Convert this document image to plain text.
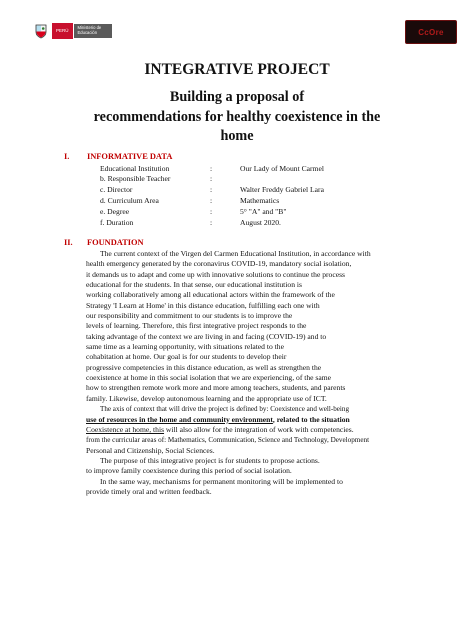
PERÚ
Ministerio de Educación	CcOre
INTEGRATIVE PROJECT
Building a proposal of
recommendations for healthy coexistence in the
home
I. INFORMATIVE DATA
Educational Institution	:	Our Lady of Mount Carmel
b. Responsible Teacher	:
c. Director	:	Walter Freddy Gabriel Lara
d. Curriculum Area	:	Mathematics
e. Degree	:	5° "A" and "B"
f. Duration	:	August 2020.
II. FOUNDATION

The current context of the Virgen del Carmen Educational Institution, in accordance with

health emergency generated by the coronavirus COVID-19, mandatory social isolation,

it demands us to adapt and come up with innovative solutions to continue the process

educational for the students. In that sense, our educational institution is

working collaboratively among all educational actors within the framework of the

Strategy 'I Learn at Home' in this distance education, fulfilling each one with

our responsibility and commitment to our students is to improve the

levels of learning. Therefore, this first integrative project responds to the

taking advantage of the context we are living in and facing (COVID-19) and to

same time as a learning opportunity, with situations related to the

cohabitation at home. Our goal is for our students to develop their

progressive competencies in this distance education, as well as strengthen the

coexistence at home in this social isolation that we are experiencing, of the same

how to strengthen remote work more and more among teachers, students, and parents

family. Likewise, develop autonomous learning and the appropriate use of ICT.

The axis of context that will drive the project is defined by: Coexistence and well-being

use of resources in the home and community environment, related to the situation

Coexistence at home, this will also allow for the integration of work with competencies.

from the curricular areas of: Mathematics, Communication, Science and Technology, Development

Personal and Citizenship, Social Sciences.

The purpose of this integrative project is for students to propose actions.

to improve family coexistence during this period of social isolation.

In the same way, mechanisms for permanent monitoring will be implemented to

provide timely oral and written feedback.
